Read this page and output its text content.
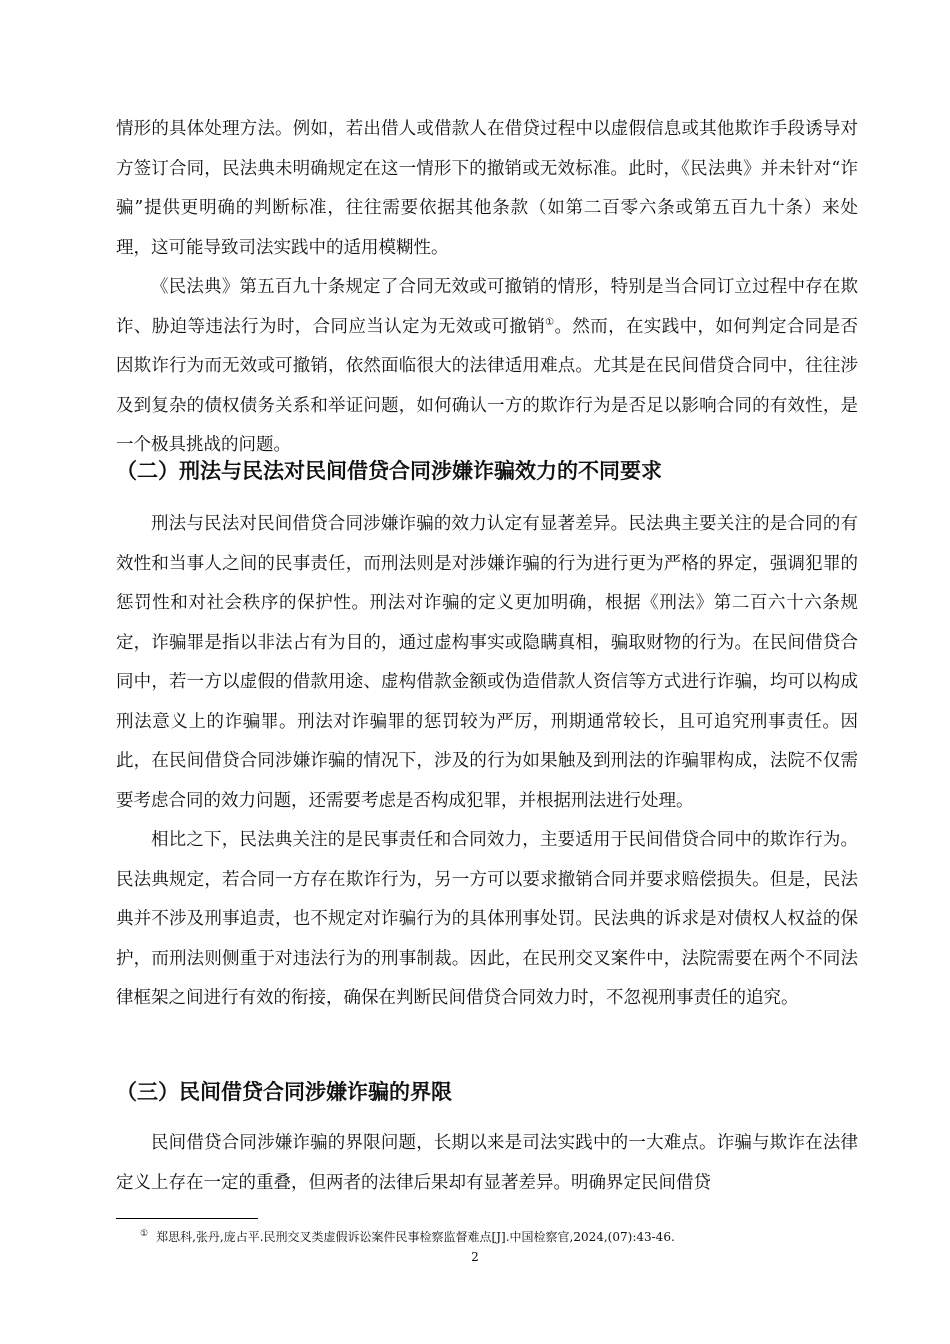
情形的具体处理方法。例如，若出借人或借款人在借贷过程中以虚假信息或其他欺诈手段诱导对方签订合同，民法典未明确规定在这一情形下的撤销或无效标准。此时，《民法典》并未针对“诈骗”提供更明确的判断标准，往往需要依据其他条款（如第二百零六条或第五百九十条）来处理，这可能导致司法实践中的适用模糊性。

《民法典》第五百九十条规定了合同无效或可撤销的情形，特别是当合同订立过程中存在欺诈、胁迫等违法行为时，合同应当认定为无效或可撤销①。然而，在实践中，如何判定合同是否因欺诈行为而无效或可撤销，依然面临很大的法律适用难点。尤其是在民间借贷合同中，往往涉及到复杂的债权债务关系和举证问题，如何确认一方的欺诈行为是否足以影响合同的有效性，是一个极具挑战的问题。

（二）刑法与民法对民间借贷合同涉嫌诈骗效力的不同要求

刑法与民法对民间借贷合同涉嫌诈骗的效力认定有显著差异。民法典主要关注的是合同的有效性和当事人之间的民事责任，而刑法则是对涉嫌诈骗的行为进行更为严格的界定，强调犯罪的惩罚性和对社会秩序的保护性。刑法对诈骗的定义更加明确，根据《刑法》第二百六十六条规定，诈骗罪是指以非法占有为目的，通过虚构事实或隐瞒真相，骗取财物的行为。在民间借贷合同中，若一方以虚假的借款用途、虚构借款金额或伪造借款人资信等方式进行诈骗，均可以构成刑法意义上的诈骗罪。刑法对诈骗罪的惩罚较为严厉，刑期通常较长，且可追究刑事责任。因此，在民间借贷合同涉嫌诈骗的情况下，涉及的行为如果触及到刑法的诈骗罪构成，法院不仅需要考虑合同的效力问题，还需要考虑是否构成犯罪，并根据刑法进行处理。

相比之下，民法典关注的是民事责任和合同效力，主要适用于民间借贷合同中的欺诈行为。民法典规定，若合同一方存在欺诈行为，另一方可以要求撤销合同并要求赔偿损失。但是，民法典并不涉及刑事追责，也不规定对诈骗行为的具体刑事处罚。民法典的诉求是对债权人权益的保护，而刑法则侧重于对违法行为的刑事制裁。因此，在民刑交叉案件中，法院需要在两个不同法律框架之间进行有效的衔接，确保在判断民间借贷合同效力时，不忽视刑事责任的追究。

（三）民间借贷合同涉嫌诈骗的界限

民间借贷合同涉嫌诈骗的界限问题，长期以来是司法实践中的一大难点。诈骗与欺诈在法律定义上存在一定的重叠，但两者的法律后果却有显著差异。明确界定民间借贷

① 郑思科,张丹,庞占平.民刑交叉类虚假诉讼案件民事检察监督难点[J].中国检察官,2024,(07):43-46.
2
